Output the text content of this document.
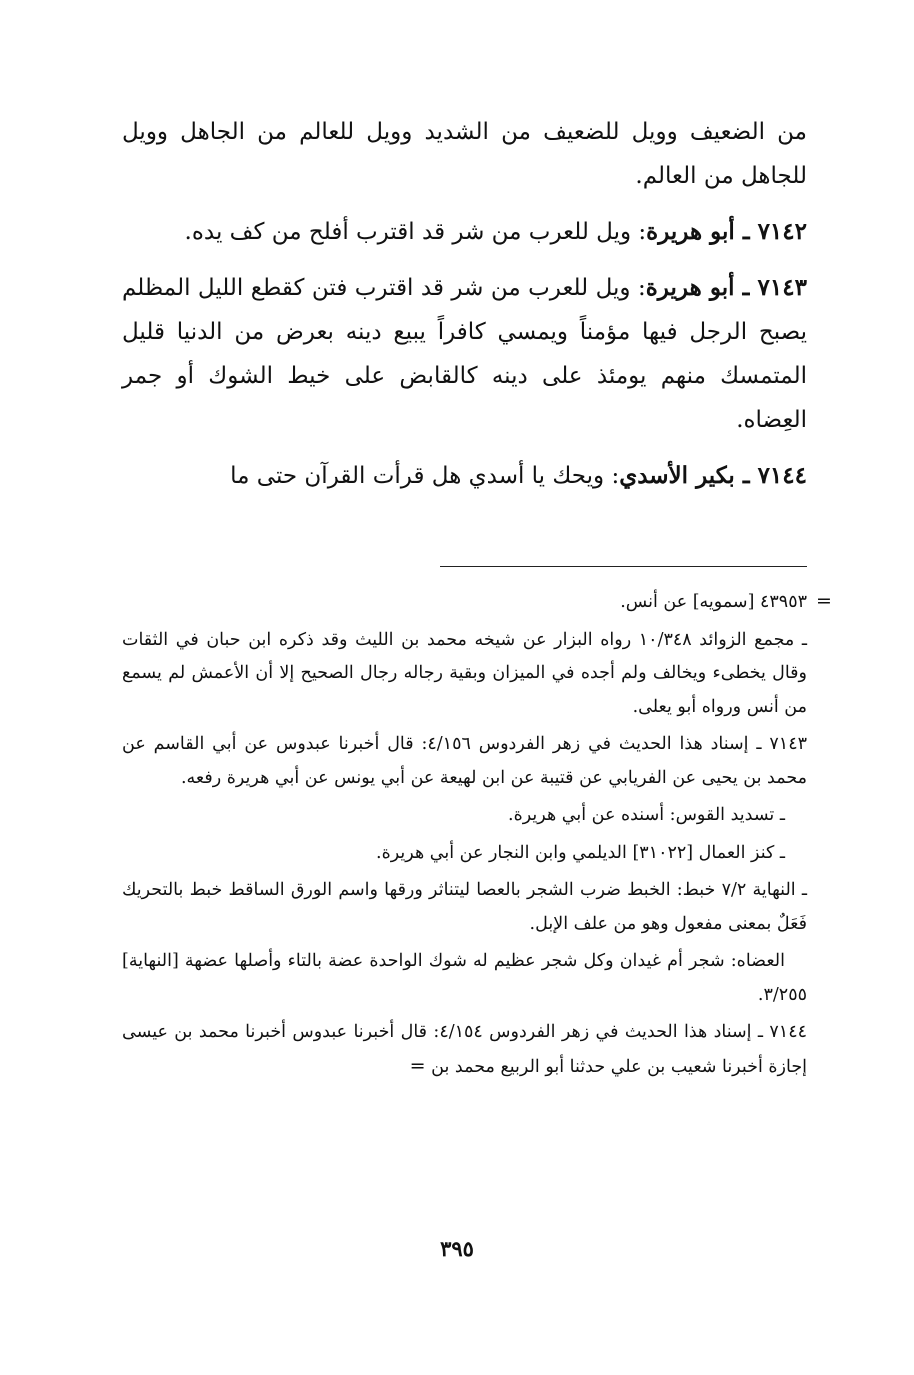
من الضعيف وويل للضعيف من الشديد وويل للعالم من الجاهل وويل للجاهل من العالم.

٧١٤٢ ـ أبو هريرة: ويل للعرب من شر قد اقترب أفلح من كف يده.

٧١٤٣ ـ أبو هريرة: ويل للعرب من شر قد اقترب فتن كقطع الليل المظلم يصبح الرجل فيها مؤمناً ويمسي كافراً يبيع دينه بعرض من الدنيا قليل المتمسك منهم يومئذ على دينه كالقابض على خيط الشوك أو جمر العِضاه.

٧١٤٤ ـ بكير الأسدي: ويحك يا أسدي هل قرأت القرآن حتى ما

=

٤٣٩٥٣ [سمويه] عن أنس.

ـ مجمع الزوائد ١٠/٣٤٨ رواه البزار عن شيخه محمد بن الليث وقد ذكره ابن حبان في الثقات وقال يخطىء ويخالف ولم أجده في الميزان وبقية رجاله رجال الصحيح إلا أن الأعمش لم يسمع من أنس ورواه أبو يعلى.

٧١٤٣ ـ إسناد هذا الحديث في زهر الفردوس ٤/١٥٦: قال أخبرنا عبدوس عن أبي القاسم عن محمد بن يحيى عن الفريابي عن قتيبة عن ابن لهيعة عن أبي يونس عن أبي هريرة رفعه.

ـ تسديد القوس: أسنده عن أبي هريرة.

ـ كنز العمال [٣١٠٢٢] الديلمي وابن النجار عن أبي هريرة.

ـ النهاية ٧/٢ خبط: الخبط ضرب الشجر بالعصا ليتناثر ورقها واسم الورق الساقط خبط بالتحريك فَعَلٌ بمعنى مفعول وهو من علف الإبل.

العضاه: شجر أم غيدان وكل شجر عظيم له شوك الواحدة عضة بالتاء وأصلها عضهة [النهاية] ٣/٢٥٥.

٧١٤٤ ـ إسناد هذا الحديث في زهر الفردوس ٤/١٥٤: قال أخبرنا عبدوس أخبرنا محمد بن عيسى إجازة أخبرنا شعيب بن علي حدثنا أبو الربيع محمد بن =

٣٩٥
